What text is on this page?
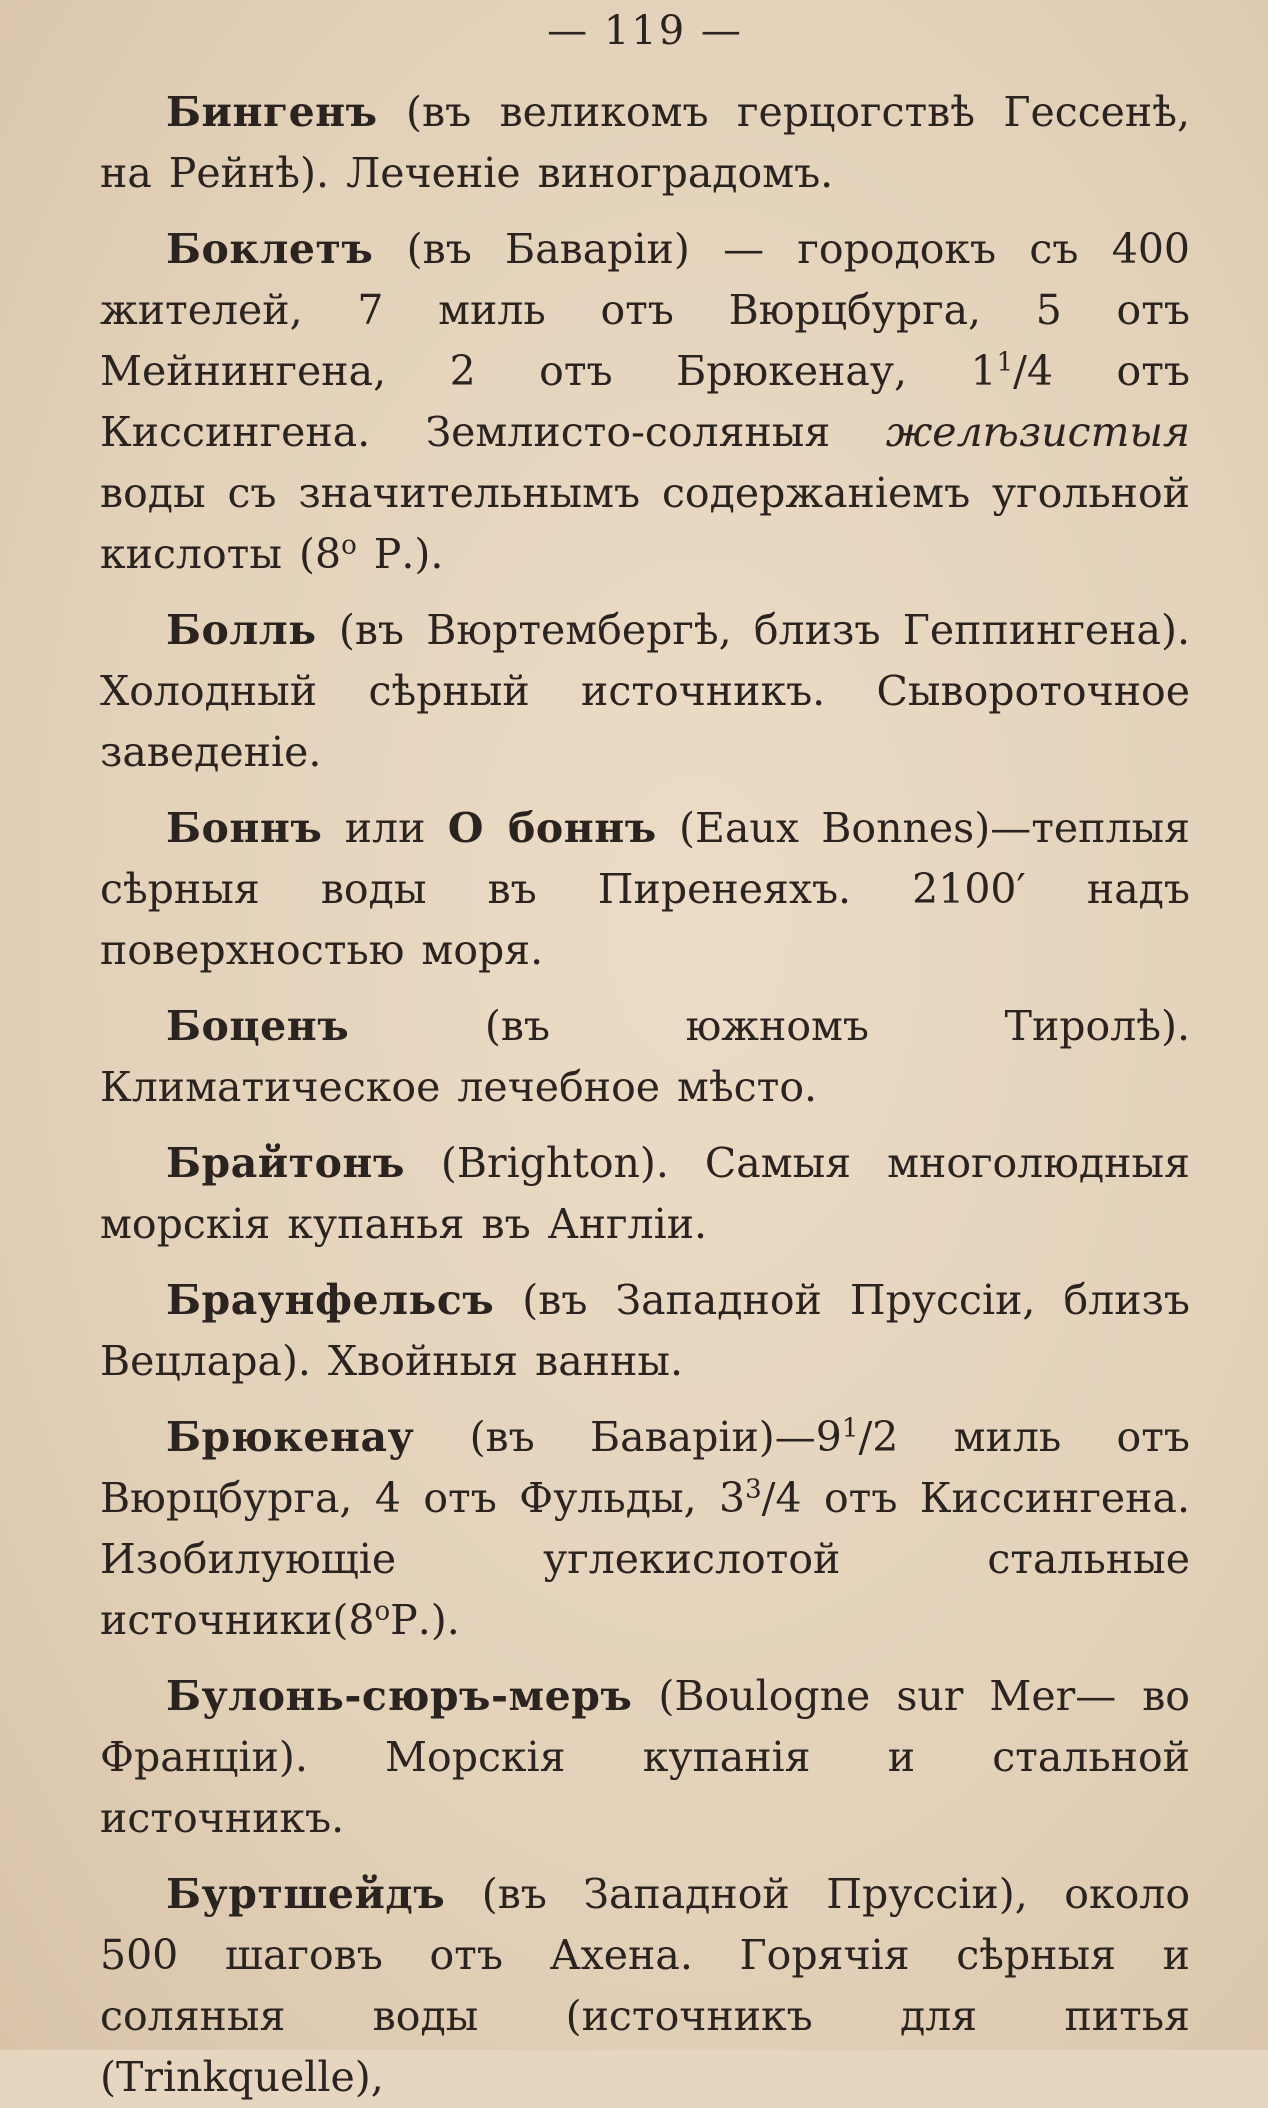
— 119 —

Бингенъ (въ великомъ герцогствѣ Гессенѣ, на Рейнѣ). Леченіе виноградомъ.

Боклетъ (въ Баваріи) — городокъ съ 400 жителей, 7 миль отъ Вюрцбурга, 5 отъ Мейнингена, 2 отъ Брюкенау, $1^1/4$ отъ Киссингена. Землисто-соляныя желѣзистыя воды съ значительнымъ содержаніемъ угольной кислоты ($8^о$ Р.).

Болль (въ Вюртембергѣ, близъ Геппингена). Холодный сѣрный источникъ. Сывороточное заведеніе.

Боннъ или О боннъ (Eaux Bonnes)—теплыя сѣрныя воды въ Пиренеяхъ. 2100′ надъ поверхностью моря.

Боценъ (въ южномъ Тиролѣ). Климатическое лечебное мѣсто.

Брайтонъ (Brighton). Самыя многолюдныя морскія купанья въ Англіи.

Браунфельсъ (въ Западной Пруссіи, близъ Вецлара). Хвойныя ванны.

Брюкенау (въ $Баваріи)—9^1/2$ миль отъ Вюрцбурга, 4 отъ Фульды, $3^3/4$ отъ Киссингена. Изобилующіе углекислотой стальные $источники(8^оР.)$.

Булонь-сюръ-меръ (Boulogne sur Mer— во Франціи). Морскія купанія и стальной источникъ.

Буртшейдъ (въ Западной Пруссіи), около 500 шаговъ отъ Ахена. Горячія сѣрныя и соляныя воды (источникъ для питья (Trinkquelle),
